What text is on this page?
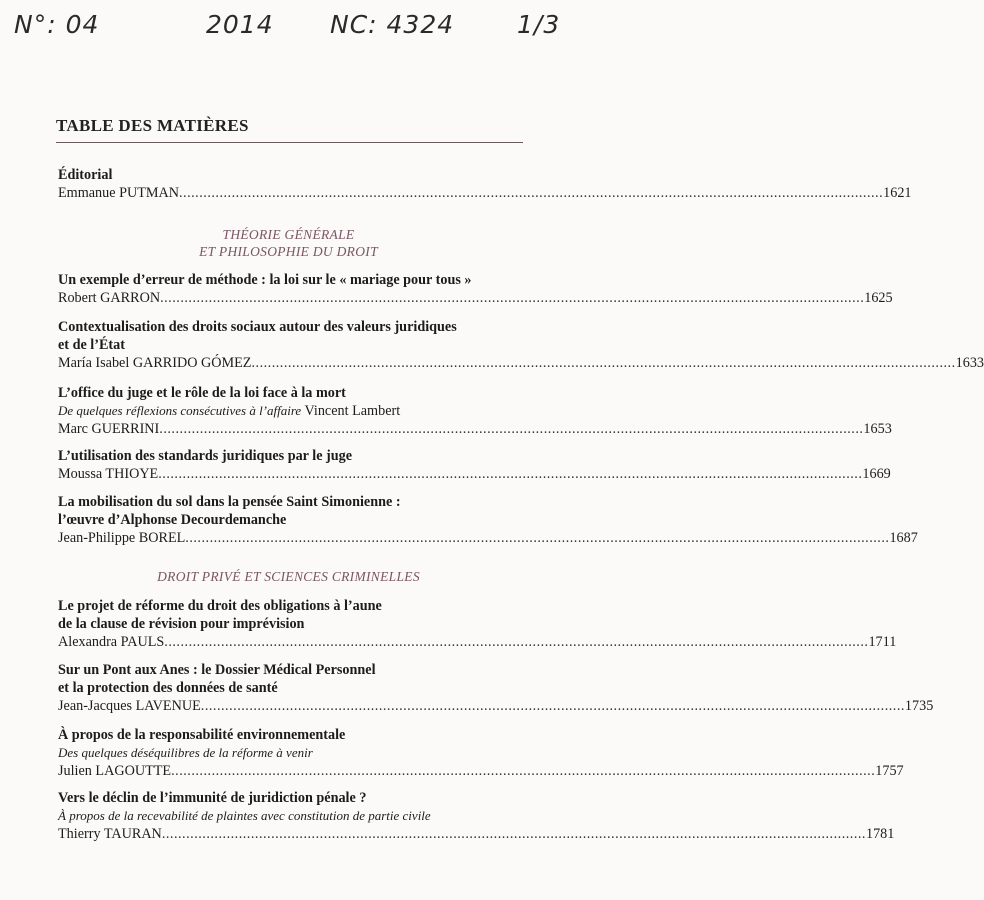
N°: 04	2014 NC: 4324	1/3
TABLE DES MATIÈRES
Éditorial
Emmanue PUTMAN .............................................................................................................................................................................. 1621
THÉORIE GÉNÉRALE
ET PHILOSOPHIE DU DROIT
Un exemple d’erreur de méthode : la loi sur le « mariage pour tous »
Robert GARRON .............................................................................................................................................................................. 1625
Contextualisation des droits sociaux autour des valeurs juridiques
et de l’État
María Isabel GARRIDO GÓMEZ .............................................................................................................................................................................. 1633
L’office du juge et le rôle de la loi face à la mort
De quelques réflexions consécutives à l’affaire Vincent Lambert
Marc GUERRINI .............................................................................................................................................................................. 1653
L’utilisation des standards juridiques par le juge
Moussa THIOYE .............................................................................................................................................................................. 1669
La mobilisation du sol dans la pensée Saint Simonienne :
l’œuvre d’Alphonse Decourdemanche
Jean-Philippe BOREL .............................................................................................................................................................................. 1687
DROIT PRIVÉ ET SCIENCES CRIMINELLES
Le projet de réforme du droit des obligations à l’aune
de la clause de révision pour imprévision
Alexandra PAULS .............................................................................................................................................................................. 1711
Sur un Pont aux Anes : le Dossier Médical Personnel
et la protection des données de santé
Jean-Jacques LAVENUE .............................................................................................................................................................................. 1735
À propos de la responsabilité environnementale
Des quelques déséquilibres de la réforme à venir
Julien LAGOUTTE .............................................................................................................................................................................. 1757
Vers le déclin de l’immunité de juridiction pénale ?
À propos de la recevabilité de plaintes avec constitution de partie civile
Thierry TAURAN .............................................................................................................................................................................. 1781
